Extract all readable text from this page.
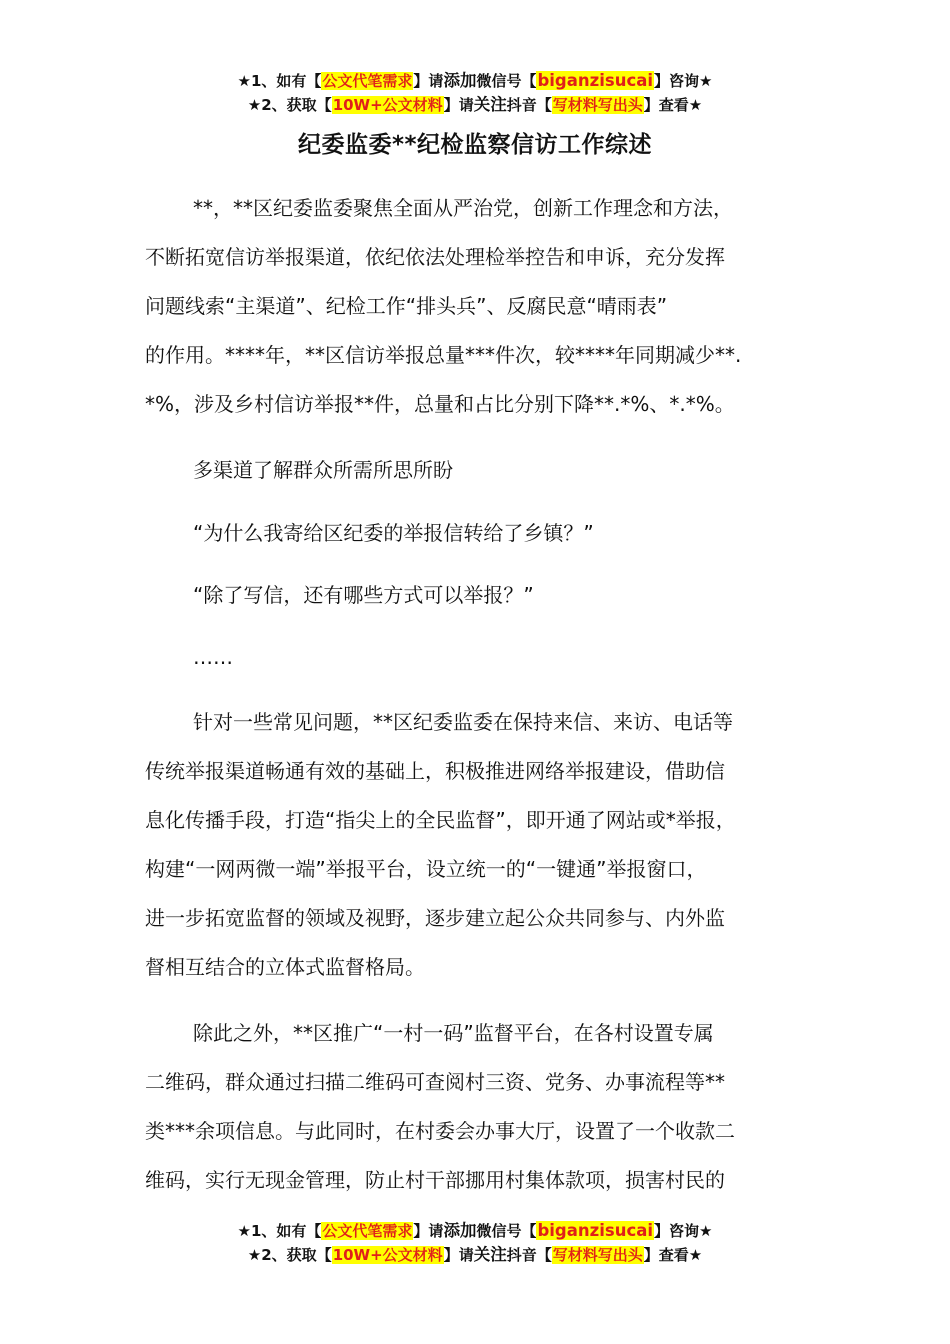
★1、如有【公文代笔需求】请添加微信号【biganzisucai】咨询★
★2、获取【10W+公文材料】请关注抖音【写材料写出头】查看★
纪委监委**纪检监察信访工作综述
**，**区纪委监委聚焦全面从严治党，创新工作理念和方法，
不断拓宽信访举报渠道，依纪依法处理检举控告和申诉，充分发挥
问题线索“主渠道”、纪检工作“排头兵”、反腐民意“晴雨表”
的作用。****年，**区信访举报总量***件次，较****年同期减少**.
*%，涉及乡村信访举报**件，总量和占比分别下降**.*%、*.*%。
多渠道了解群众所需所思所盼
“为什么我寄给区纪委的举报信转给了乡镇？”
“除了写信，还有哪些方式可以举报？”
……
针对一些常见问题，**区纪委监委在保持来信、来访、电话等
传统举报渠道畅通有效的基础上，积极推进网络举报建设，借助信
息化传播手段，打造“指尖上的全民监督”，即开通了网站或*举报，
构建“一网两微一端”举报平台，设立统一的“一键通”举报窗口，
进一步拓宽监督的领域及视野，逐步建立起公众共同参与、内外监
督相互结合的立体式监督格局。
除此之外，**区推广“一村一码”监督平台，在各村设置专属
二维码，群众通过扫描二维码可查阅村三资、党务、办事流程等**
类***余项信息。与此同时，在村委会办事大厅，设置了一个收款二
维码，实行无现金管理，防止村干部挪用村集体款项，损害村民的
★1、如有【公文代笔需求】请添加微信号【biganzisucai】咨询★
★2、获取【10W+公文材料】请关注抖音【写材料写出头】查看★
